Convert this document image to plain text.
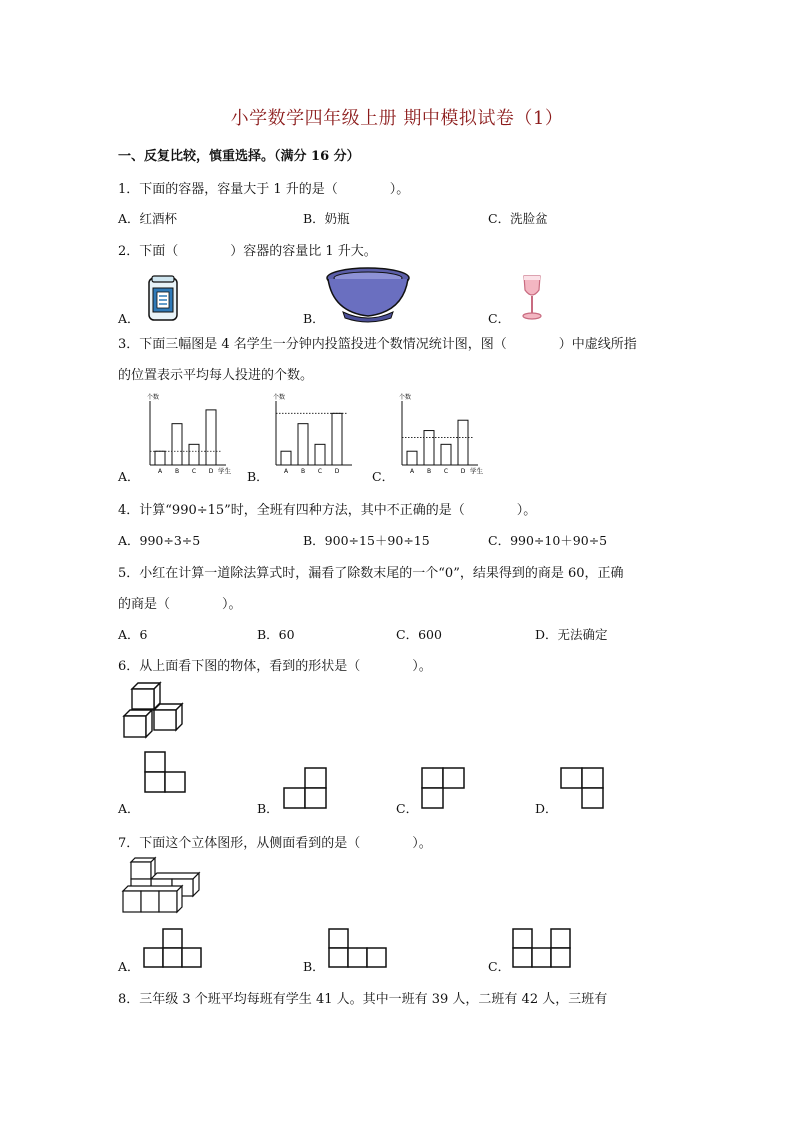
小学数学四年级上册 期中模拟试卷（1）
一、反复比较，慎重选择。（满分 16 分）
1．下面的容器，容量大于 1 升的是（　　　　）。
A．红酒杯	B．奶瓶	C．洗脸盆
2．下面（　　　　）容器的容量比 1 升大。
A．	B．	C．
3．下面三幅图是 4 名学生一分钟内投篮投进个数情况统计图，图（　　　　）中虚线所指
的位置表示平均每人投进的个数。
A．	B．	C．
个数
学生
A B C D
个数
A B C D
个数
学生
A B C D
4．计算“990÷15”时，全班有四种方法，其中不正确的是（　　　　）。
A．990÷3÷5	B．900÷15＋90÷15	C．990÷10＋90÷5
5．小红在计算一道除法算式时，漏看了除数末尾的一个“0”，结果得到的商是 60，正确
的商是（　　　　）。
A．6	B．60	C．600	D．无法确定
6．从上面看下图的物体，看到的形状是（　　　　）。
A．	B．	C．	D．
7．下面这个立体图形，从侧面看到的是（　　　　）。
A．	B．	C．
8．三年级 3 个班平均每班有学生 41 人。其中一班有 39 人，二班有 42 人，三班有
